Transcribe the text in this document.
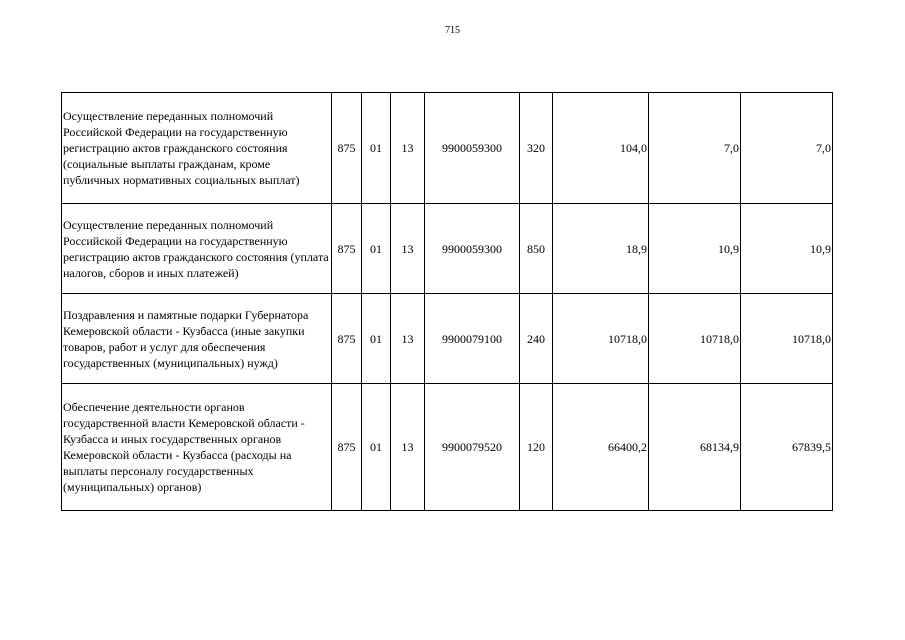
715
Осуществление переданных полномочий Российской Федерации на государственную регистрацию актов гражданского состояния (социальные выплаты гражданам, кроме публичных нормативных социальных выплат)	875	01	13	9900059300	320	104,0	7,0	7,0
Осуществление переданных полномочий Российской Федерации на государственную регистрацию актов гражданского состояния (уплата налогов, сборов и иных платежей)	875	01	13	9900059300	850	18,9	10,9	10,9
Поздравления и памятные подарки Губернатора Кемеровской области - Кузбасса (иные закупки товаров, работ и услуг для обеспечения государственных (муниципальных) нужд)	875	01	13	9900079100	240	10718,0	10718,0	10718,0
Обеспечение деятельности органов государственной власти Кемеровской области - Кузбасса и иных государственных органов Кемеровской области - Кузбасса (расходы на выплаты персоналу государственных (муниципальных) органов)	875	01	13	9900079520	120	66400,2	68134,9	67839,5
